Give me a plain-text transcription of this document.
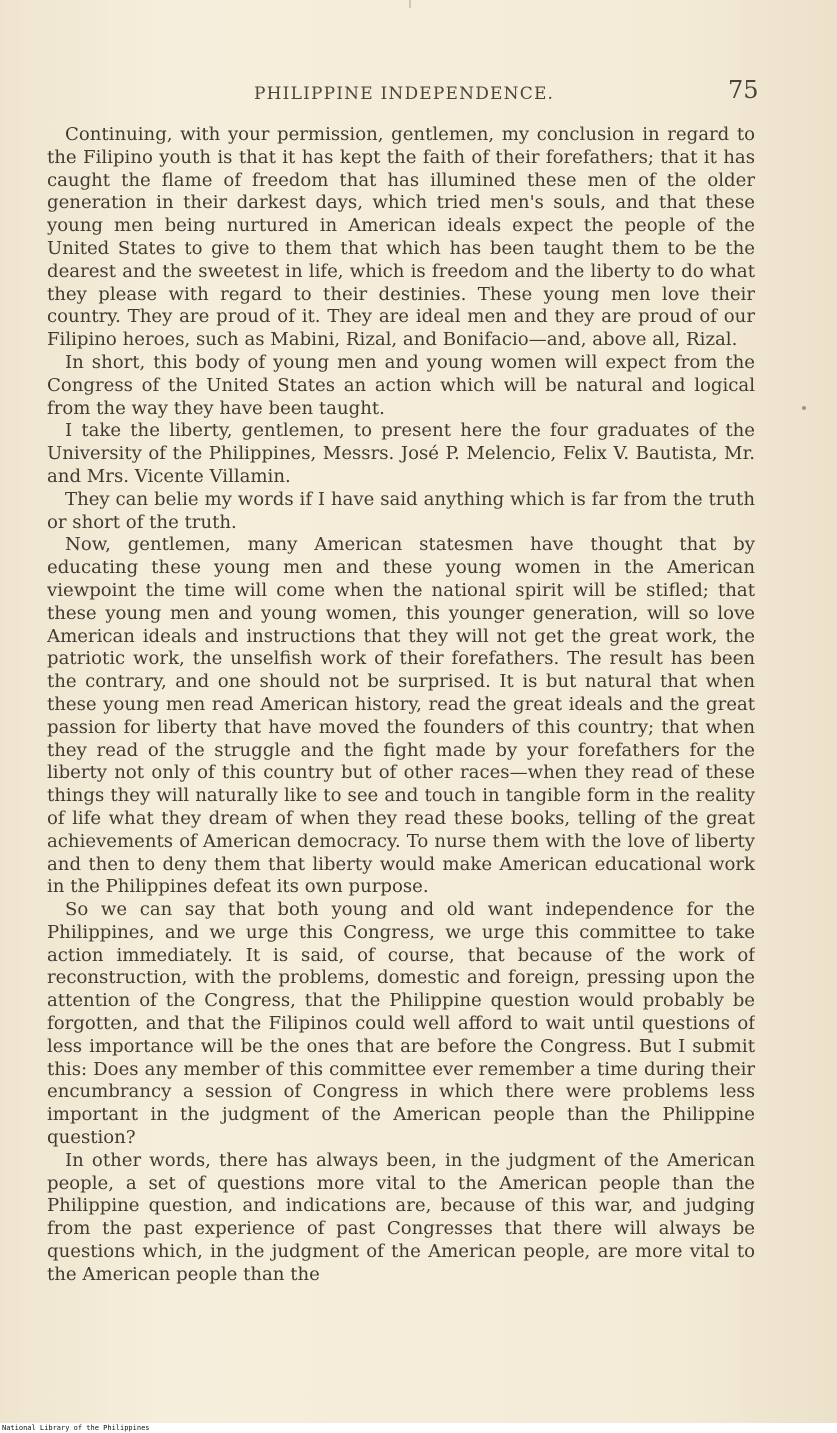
PHILIPPINE INDEPENDENCE.	75

Continuing, with your permission, gentlemen, my conclusion in regard to the Filipino youth is that it has kept the faith of their forefathers; that it has caught the flame of freedom that has illumined these men of the older generation in their darkest days, which tried men's souls, and that these young men being nurtured in American ideals expect the people of the United States to give to them that which has been taught them to be the dearest and the sweetest in life, which is freedom and the liberty to do what they please with regard to their destinies. These young men love their country. They are proud of it. They are ideal men and they are proud of our Filipino heroes, such as Mabini, Rizal, and Bonifacio—and, above all, Rizal.

In short, this body of young men and young women will expect from the Congress of the United States an action which will be natural and logical from the way they have been taught.

I take the liberty, gentlemen, to present here the four graduates of the University of the Philippines, Messrs. José P. Melencio, Felix V. Bautista, Mr. and Mrs. Vicente Villamin.

They can belie my words if I have said anything which is far from the truth or short of the truth.

Now, gentlemen, many American statesmen have thought that by educating these young men and these young women in the American viewpoint the time will come when the national spirit will be stifled; that these young men and young women, this younger generation, will so love American ideals and instructions that they will not get the great work, the patriotic work, the unselfish work of their forefathers. The result has been the contrary, and one should not be surprised. It is but natural that when these young men read American history, read the great ideals and the great passion for liberty that have moved the founders of this country; that when they read of the struggle and the fight made by your forefathers for the liberty not only of this country but of other races—when they read of these things they will naturally like to see and touch in tangible form in the reality of life what they dream of when they read these books, telling of the great achievements of American democracy. To nurse them with the love of liberty and then to deny them that liberty would make American educational work in the Philippines defeat its own purpose.

So we can say that both young and old want independence for the Philippines, and we urge this Congress, we urge this committee to take action immediately. It is said, of course, that because of the work of reconstruction, with the problems, domestic and foreign, pressing upon the attention of the Congress, that the Philippine question would probably be forgotten, and that the Filipinos could well afford to wait until questions of less importance will be the ones that are before the Congress. But I submit this: Does any member of this committee ever remember a time during their encumbrancy a session of Congress in which there were problems less important in the judgment of the American people than the Philippine question?

In other words, there has always been, in the judgment of the American people, a set of questions more vital to the American people than the Philippine question, and indications are, because of this war, and judging from the past experience of past Congresses that there will always be questions which, in the judgment of the American people, are more vital to the American people than the

National Library of the Philippines
